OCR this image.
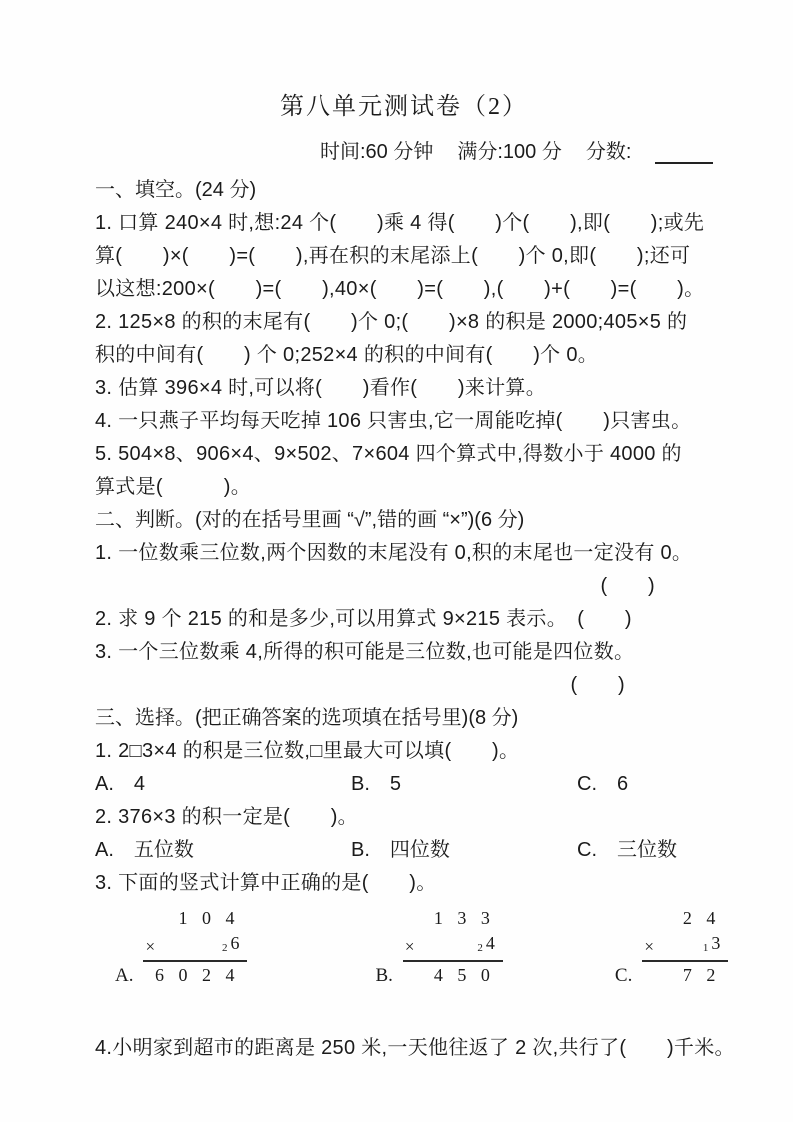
第八单元测试卷（2）
时间:60 分钟 满分:100 分 分数:
一、填空。(24 分)
1. 口算 240×4 时,想:24 个(　　)乘 4 得(　　)个(　　),即(　　);或先
算(　　)×(　　)=(　　),再在积的末尾添上(　　)个 0,即(　　);还可
以这想:200×(　　)=(　　),40×(　　)=(　　),(　　)+(　　)=(　　)。
2. 125×8 的积的末尾有(　　)个 0;(　　)×8 的积是 2000;405×5 的
积的中间有(　　) 个 0;252×4 的积的中间有(　　)个 0。
3. 估算 396×4 时,可以将(　　)看作(　　)来计算。
4. 一只燕子平均每天吃掉 106 只害虫,它一周能吃掉(　　)只害虫。
5. 504×8、906×4、9×502、7×604 四个算式中,得数小于 4000 的
算式是(　　　)。
二、判断。(对的在括号里画 “√”,错的画 “×”)(6 分)
1. 一位数乘三位数,两个因数的末尾没有 0,积的末尾也一定没有 0。
(　　)
2. 求 9 个 215 的和是多少,可以用算式 9×215 表示。　(　　)
3. 一个三位数乘 4,所得的积可能是三位数,也可能是四位数。
(　　)
三、选择。(把正确答案的选项填在括号里)(8 分)
1. 2□3×4 的积是三位数,□里最大可以填(　　)。
A.　4	B.　5	C.　6
2. 376×3 的积一定是(　　)。
A.　五位数	B.　四位数	C.　三位数
3. 下面的竖式计算中正确的是(　　)。
A.
1 0 4
×	2 6
6 0 2 4	B.
1 3 3
×	2 4
4 5 0	C.
2 4
×	1 3
7 2
4.小明家到超市的距离是 250 米,一天他往返了 2 次,共行了(　　)千米。
